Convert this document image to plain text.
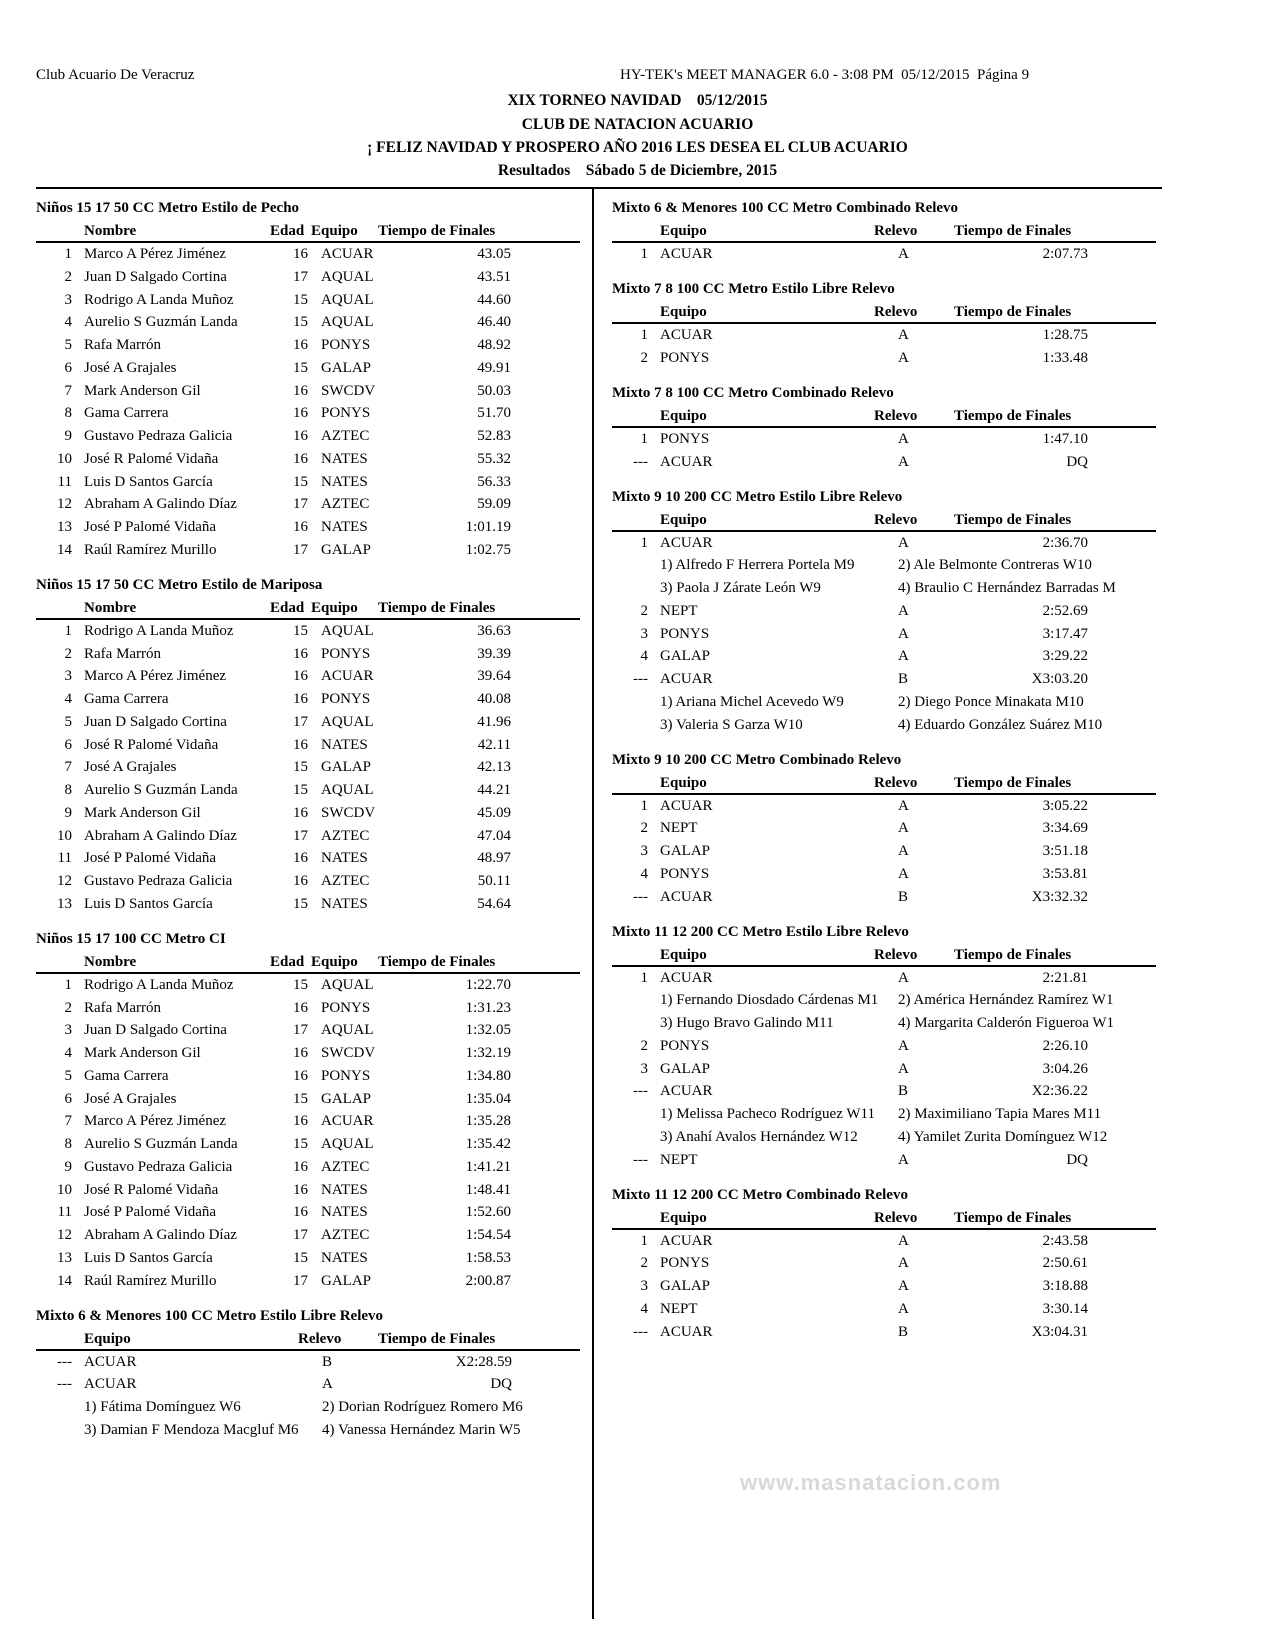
www.masnatacion.com
Club Acuario De Veracruz	HY-TEK's MEET MANAGER 6.0 - 3:08 PM  05/12/2015  Página 9
XIX TORNEO NAVIDAD    05/12/2015
CLUB DE NATACION ACUARIO
¡ FELIZ NAVIDAD Y PROSPERO AÑO 2016 LES DESEA EL CLUB ACUARIO
Resultados    Sábado 5 de Diciembre, 2015
Niños 15 17 50 CC Metro Estilo de Pecho
Nombre	Edad Equipo Tiempo de Finales
1 Marco A Pérez Jiménez	16 ACUAR	43.05
2 Juan D Salgado Cortina	17 AQUAL	43.51
3 Rodrigo A Landa Muñoz	15 AQUAL	44.60
4 Aurelio S Guzmán Landa	15 AQUAL	46.40
5 Rafa Marrón	16 PONYS	48.92
6 José A Grajales	15 GALAP	49.91
7 Mark Anderson Gil	16 SWCDV	50.03
8 Gama Carrera	16 PONYS	51.70
9 Gustavo Pedraza Galicia	16 AZTEC	52.83
10 José R Palomé Vidaña	16 NATES	55.32
11 Luis D Santos García	15 NATES	56.33
12 Abraham A Galindo Díaz	17 AZTEC	59.09
13 José P Palomé Vidaña	16 NATES	1:01.19
14 Raúl Ramírez Murillo	17 GALAP	1:02.75
Niños 15 17 50 CC Metro Estilo de Mariposa
Nombre	Edad Equipo Tiempo de Finales
1 Rodrigo A Landa Muñoz	15 AQUAL	36.63
2 Rafa Marrón	16 PONYS	39.39
3 Marco A Pérez Jiménez	16 ACUAR	39.64
4 Gama Carrera	16 PONYS	40.08
5 Juan D Salgado Cortina	17 AQUAL	41.96
6 José R Palomé Vidaña	16 NATES	42.11
7 José A Grajales	15 GALAP	42.13
8 Aurelio S Guzmán Landa	15 AQUAL	44.21
9 Mark Anderson Gil	16 SWCDV	45.09
10 Abraham A Galindo Díaz	17 AZTEC	47.04
11 José P Palomé Vidaña	16 NATES	48.97
12 Gustavo Pedraza Galicia	16 AZTEC	50.11
13 Luis D Santos García	15 NATES	54.64
Niños 15 17 100 CC Metro CI
Nombre	Edad Equipo Tiempo de Finales
1 Rodrigo A Landa Muñoz	15 AQUAL	1:22.70
2 Rafa Marrón	16 PONYS	1:31.23
3 Juan D Salgado Cortina	17 AQUAL	1:32.05
4 Mark Anderson Gil	16 SWCDV	1:32.19
5 Gama Carrera	16 PONYS	1:34.80
6 José A Grajales	15 GALAP	1:35.04
7 Marco A Pérez Jiménez	16 ACUAR	1:35.28
8 Aurelio S Guzmán Landa	15 AQUAL	1:35.42
9 Gustavo Pedraza Galicia	16 AZTEC	1:41.21
10 José R Palomé Vidaña	16 NATES	1:48.41
11 José P Palomé Vidaña	16 NATES	1:52.60
12 Abraham A Galindo Díaz	17 AZTEC	1:54.54
13 Luis D Santos García	15 NATES	1:58.53
14 Raúl Ramírez Murillo	17 GALAP	2:00.87
Mixto 6 & Menores 100 CC Metro Estilo Libre Relevo
Equipo	Relevo Tiempo de Finales
--- ACUAR	B	X2:28.59
--- ACUAR	A	DQ
1) Fátima Domínguez W6	2) Dorian Rodríguez Romero M6
3) Damian F Mendoza Macgluf M6 4) Vanessa Hernández Marin W5
Mixto 6 & Menores 100 CC Metro Combinado Relevo
Equipo	Relevo Tiempo de Finales
1 ACUAR	A	2:07.73
Mixto 7 8 100 CC Metro Estilo Libre Relevo
Equipo	Relevo Tiempo de Finales
1 ACUAR	A	1:28.75
2 PONYS	A	1:33.48
Mixto 7 8 100 CC Metro Combinado Relevo
Equipo	Relevo Tiempo de Finales
1 PONYS	A	1:47.10
--- ACUAR	A	DQ
Mixto 9 10 200 CC Metro Estilo Libre Relevo
Equipo	Relevo Tiempo de Finales
1 ACUAR	A	2:36.70
1) Alfredo F Herrera Portela M9	2) Ale Belmonte Contreras W10
3) Paola J Zárate León W9	4) Braulio C Hernández Barradas M
2 NEPT	A	2:52.69
3 PONYS	A	3:17.47
4 GALAP	A	3:29.22
--- ACUAR	B	X3:03.20
1) Ariana Michel Acevedo W9	2) Diego Ponce Minakata M10
3) Valeria S Garza W10	4) Eduardo González Suárez M10
Mixto 9 10 200 CC Metro Combinado Relevo
Equipo	Relevo Tiempo de Finales
1 ACUAR	A	3:05.22
2 NEPT	A	3:34.69
3 GALAP	A	3:51.18
4 PONYS	A	3:53.81
--- ACUAR	B	X3:32.32
Mixto 11 12 200 CC Metro Estilo Libre Relevo
Equipo	Relevo Tiempo de Finales
1 ACUAR	A	2:21.81
1) Fernando Diosdado Cárdenas M1 2) América Hernández Ramírez W1
3) Hugo Bravo Galindo M11	4) Margarita Calderón Figueroa W1
2 PONYS	A	2:26.10
3 GALAP	A	3:04.26
--- ACUAR	B	X2:36.22
1) Melissa Pacheco Rodríguez W11 2) Maximiliano Tapia Mares M11
3) Anahí Avalos Hernández W12	4) Yamilet Zurita Domínguez W12
--- NEPT	A	DQ
Mixto 11 12 200 CC Metro Combinado Relevo
Equipo	Relevo Tiempo de Finales
1 ACUAR	A	2:43.58
2 PONYS	A	2:50.61
3 GALAP	A	3:18.88
4 NEPT	A	3:30.14
--- ACUAR	B	X3:04.31
